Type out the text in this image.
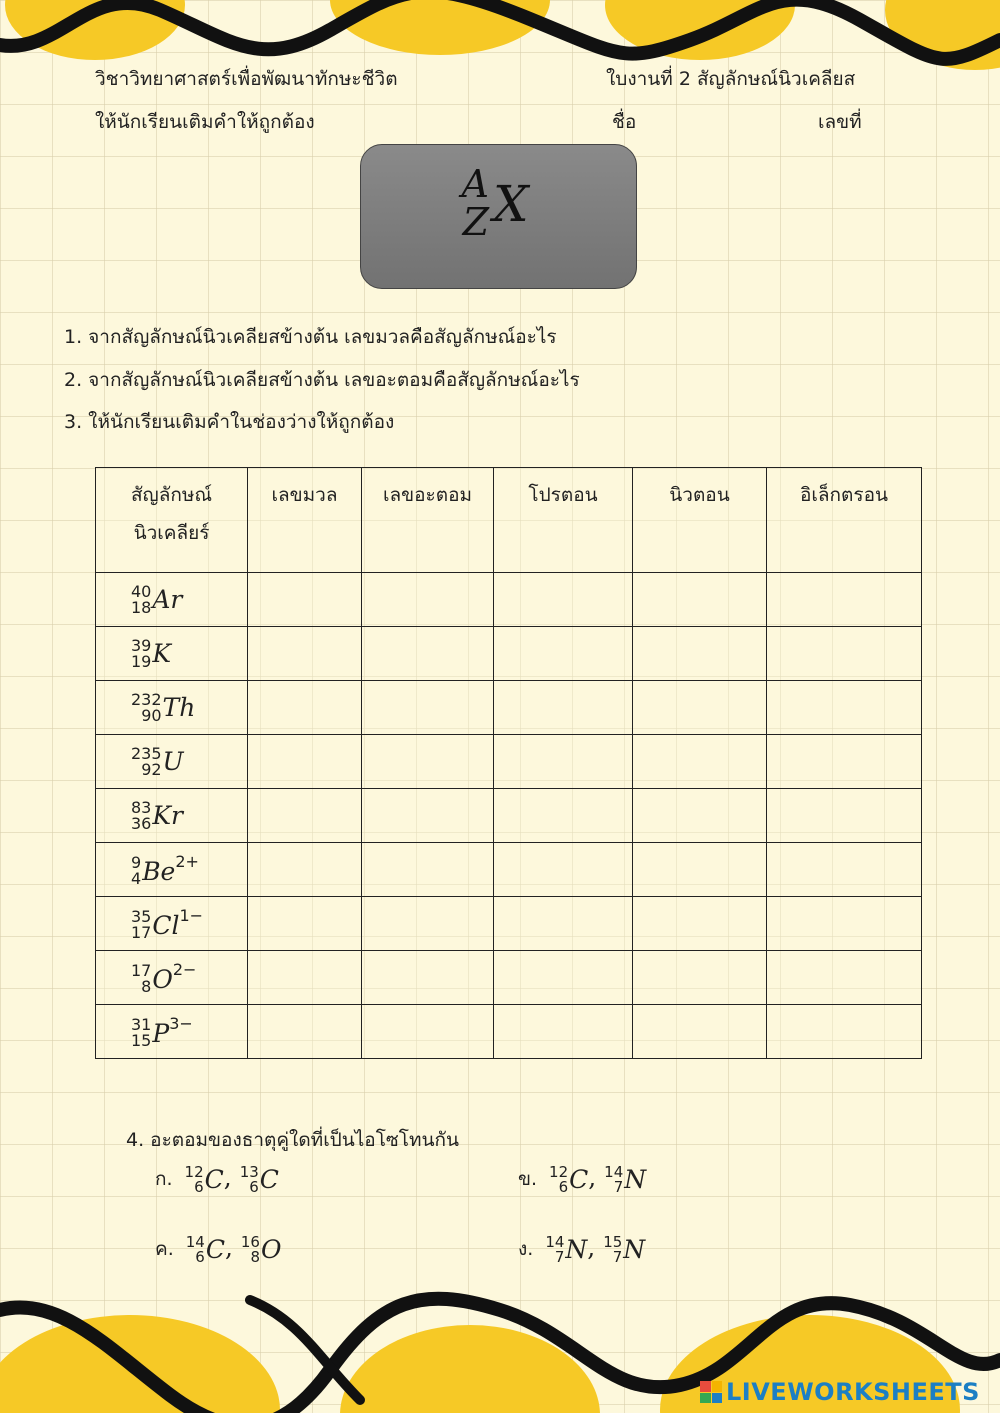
วิชาวิทยาศาสตร์เพื่อพัฒนาทักษะชีวิต	ใบงานที่ 2 สัญลักษณ์นิวเคลียส
ให้นักเรียนเติมคำให้ถูกต้อง	ชื่อ	เลขที่
A
Z X
1. จากสัญลักษณ์นิวเคลียสข้างต้น เลขมวลคือสัญลักษณ์อะไร
2. จากสัญลักษณ์นิวเคลียสข้างต้น เลขอะตอมคือสัญลักษณ์อะไร
3. ให้นักเรียนเติมคำในช่องว่างให้ถูกต้อง
สัญลักษณ์
นิวเคลียร์	เลขมวล	เลขอะตอม	โปรตอน	นิวตอน	อิเล็กตรอน

40
18 Ar					

39
19 K					

232
90 Th					

235
92 U					

83
36 Kr					

9
4 $Be^{2+}$					

35
17 $Cl^{1-}$					

17
8 $O^{2-}$					

31
15 $P^{3-}$					
4. อะตอมของธาตุคู่ใดที่เป็นไอโซโทนกัน
ก. 12
6 C, 13
6 C	ข. 12
6 C, 14
7 N
ค. 14
6 C, 16
8 O	ง. 14
7 N, 15
7 N
LIVEWORKSHEETS
